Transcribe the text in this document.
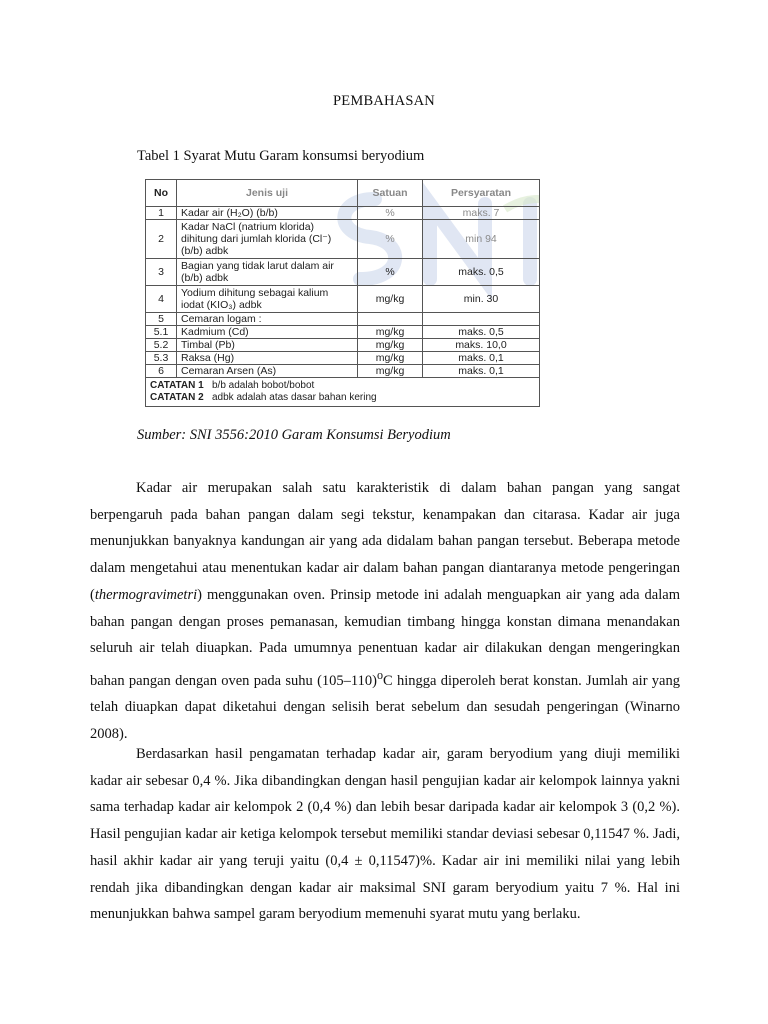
PEMBAHASAN
Tabel 1 Syarat Mutu Garam konsumsi beryodium
No	Jenis uji	Satuan	Persyaratan
1	Kadar air (H₂O) (b/b)	%	maks. 7
2	Kadar NaCl (natrium klorida) dihitung dari jumlah klorida (Cl⁻) (b/b) adbk	%	min 94
3	Bagian yang tidak larut dalam air (b/b) adbk	%	maks. 0,5
4	Yodium dihitung sebagai kalium iodat (KIO₃) adbk	mg/kg	min. 30
5	Cemaran logam :		
5.1	Kadmium (Cd)	mg/kg	maks. 0,5
5.2	Timbal (Pb)	mg/kg	maks. 10,0
5.3	Raksa (Hg)	mg/kg	maks. 0,1
6	Cemaran Arsen (As)	mg/kg	maks. 0,1

CATATAN 1 b/b adalah bobot/bobot
CATATAN 2 adbk adalah atas dasar bahan kering			
Sumber: SNI 3556:2010 Garam Konsumsi Beryodium

Kadar air merupakan salah satu karakteristik di dalam bahan pangan yang sangat berpengaruh pada bahan pangan dalam segi tekstur, kenampakan dan citarasa. Kadar air juga menunjukkan banyaknya kandungan air yang ada didalam bahan pangan tersebut. Beberapa metode dalam mengetahui atau menentukan kadar air dalam bahan pangan diantaranya metode pengeringan (thermogravimetri) menggunakan oven. Prinsip metode ini adalah menguapkan air yang ada dalam bahan pangan dengan proses pemanasan, kemudian timbang hingga konstan dimana menandakan seluruh air telah diuapkan. Pada umumnya penentuan kadar air dilakukan dengan mengeringkan bahan pangan dengan oven pada suhu $(105-110)^oC$ hingga diperoleh berat konstan. Jumlah air yang telah diuapkan dapat diketahui dengan selisih berat sebelum dan sesudah pengeringan (Winarno 2008).

Berdasarkan hasil pengamatan terhadap kadar air, garam beryodium yang diuji memiliki kadar air sebesar 0,4 %. Jika dibandingkan dengan hasil pengujian kadar air kelompok lainnya yakni sama terhadap kadar air kelompok 2 (0,4 %) dan lebih besar daripada kadar air kelompok 3 (0,2 %). Hasil pengujian kadar air ketiga kelompok tersebut memiliki standar deviasi sebesar 0,11547 %. Jadi, hasil akhir kadar air yang teruji yaitu (0,4 ± 0,11547)%. Kadar air ini memiliki nilai yang lebih rendah jika dibandingkan dengan kadar air maksimal SNI garam beryodium yaitu 7 %. Hal ini menunjukkan bahwa sampel garam beryodium memenuhi syarat mutu yang berlaku.
